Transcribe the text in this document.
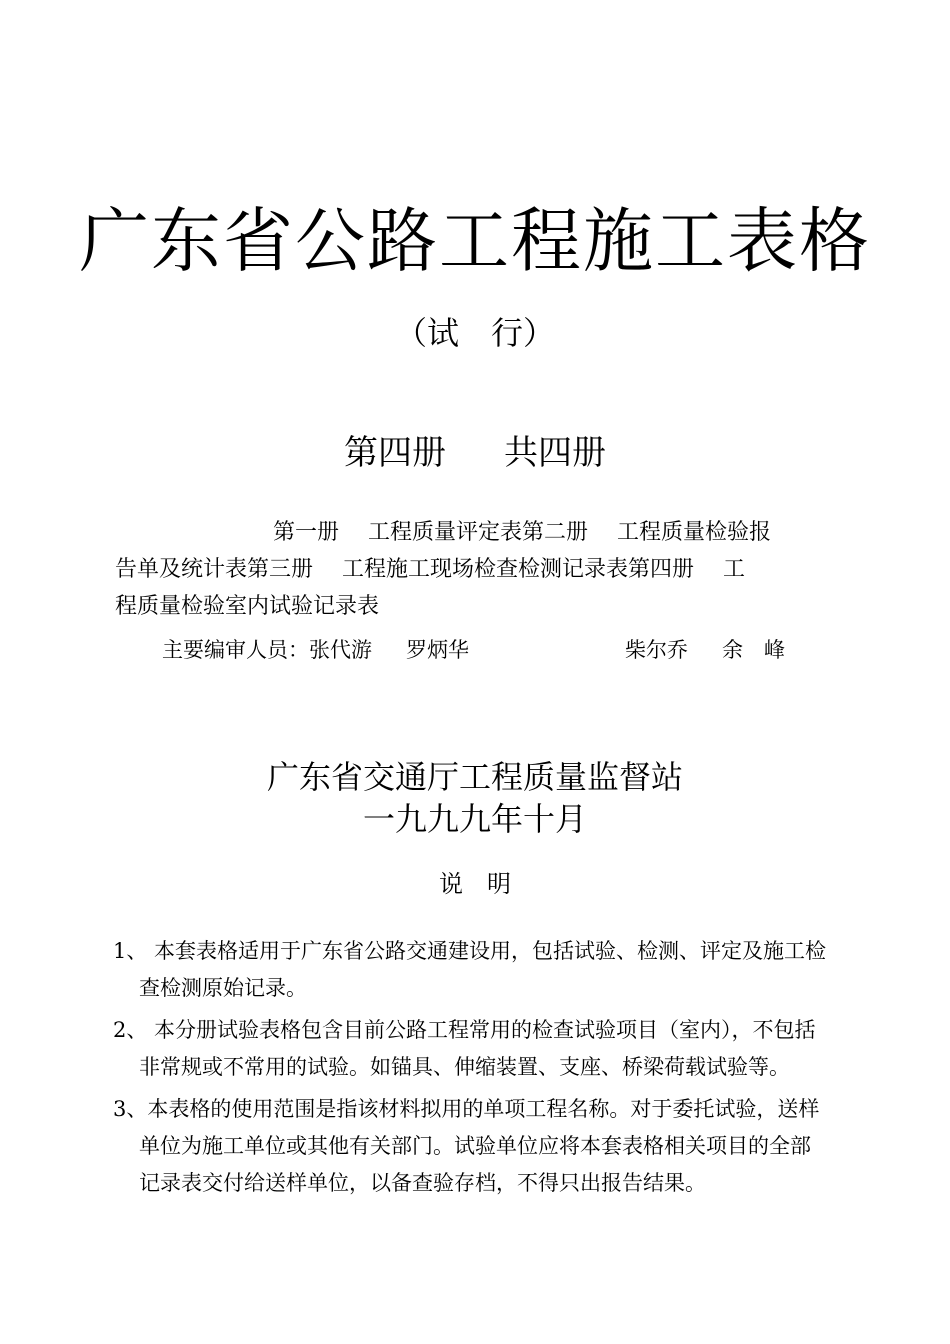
广东省公路工程施工表格
（试　行）
第四册 共四册
第一册　 工程质量评定表第二册　 工程质量检验报
告单及统计表第三册　 工程施工现场检查检测记录表第四册　 工
程质量检验室内试验记录表
主要编审人员：张代游 罗炳华	柴尔乔 余　峰
广东省交通厅工程质量监督站
一九九九年十月
说　明
1、 本套表格适用于广东省公路交通建设用，包括试验、检测、评定及施工检
查检测原始记录。
2、 本分册试验表格包含目前公路工程常用的检查试验项目（室内），不包括
非常规或不常用的试验。如锚具、伸缩装置、支座、桥梁荷载试验等。
3、本表格的使用范围是指该材料拟用的单项工程名称。对于委托试验，送样
单位为施工单位或其他有关部门。试验单位应将本套表格相关项目的全部
记录表交付给送样单位，以备查验存档，不得只出报告结果。
